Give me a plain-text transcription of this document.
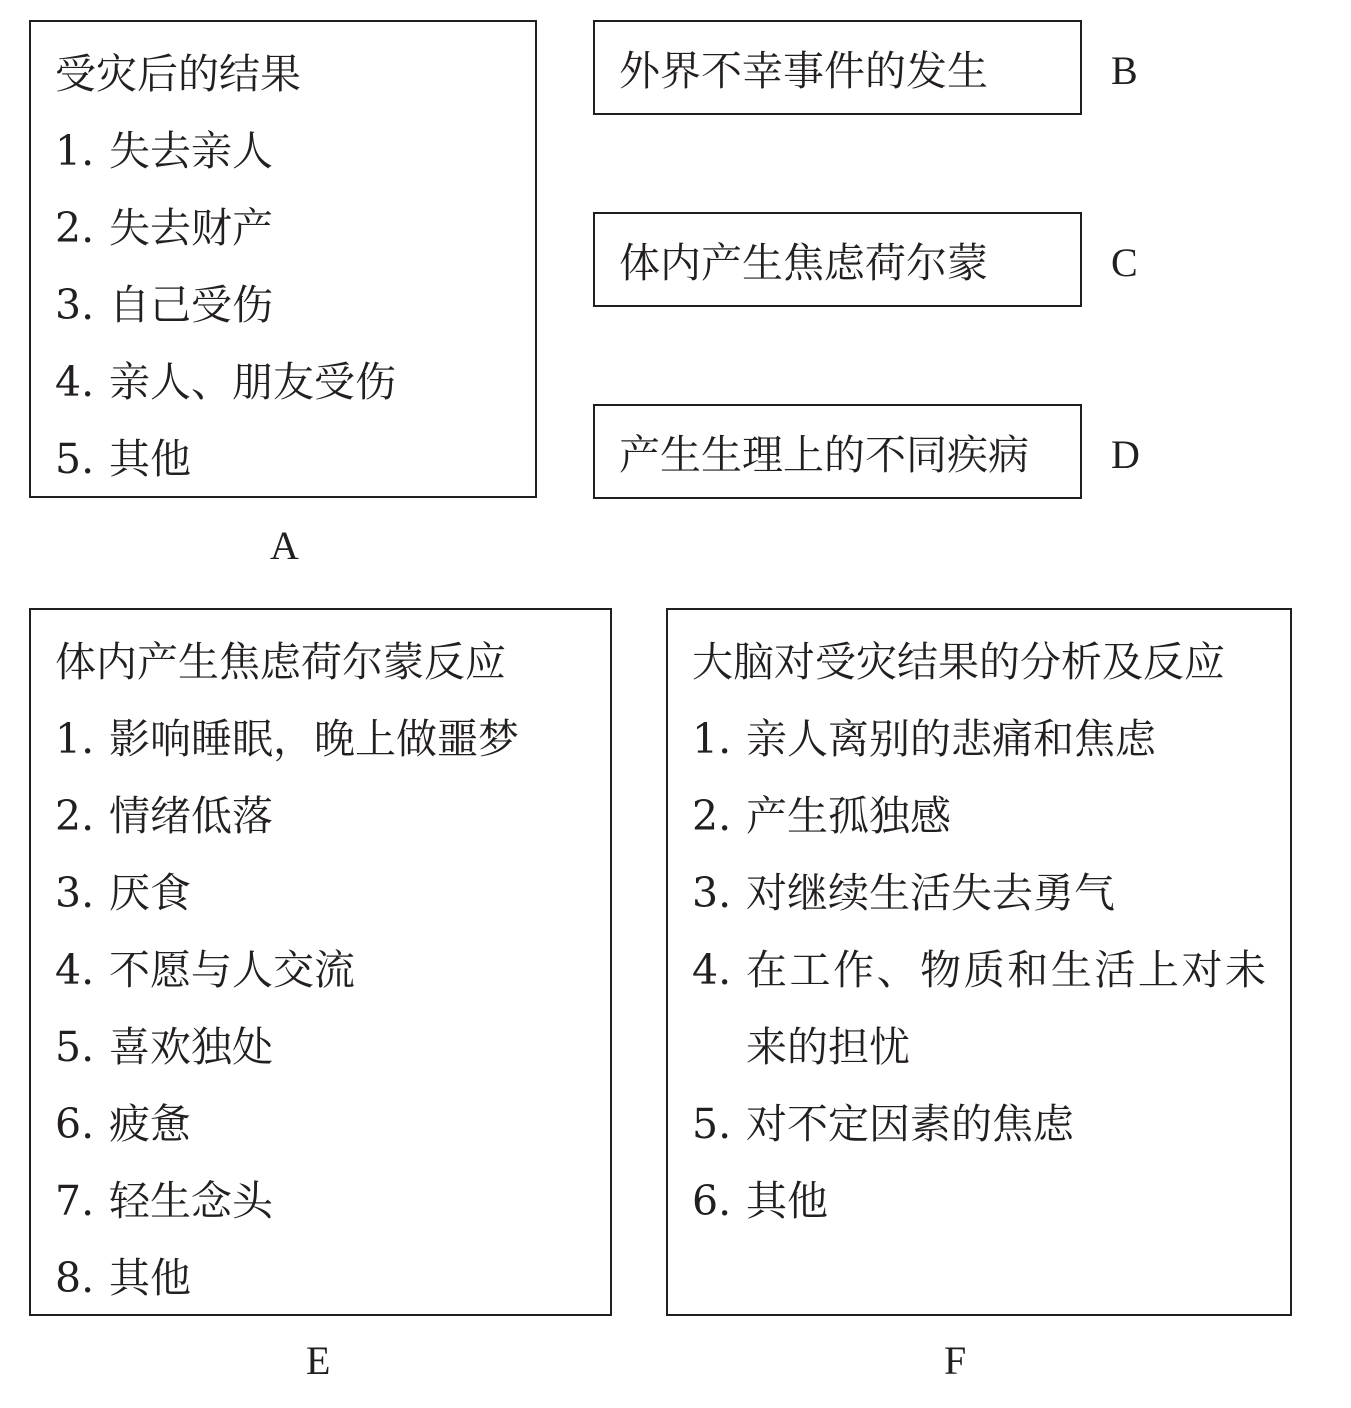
受灾后的结果
1 . 失去亲人
2 . 失去财产
3 . 自己受伤
4 . 亲人、朋友受伤
5 . 其他
A
外界不幸事件的发生	B
体内产生焦虑荷尔蒙	C
产生生理上的不同疾病 D
体内产生焦虑荷尔蒙反应
1 . 影响睡眠，晚上做噩梦
2 . 情绪低落
3 . 厌食
4 . 不愿与人交流
5 . 喜欢独处
6 . 疲惫
7 . 轻生念头
8 . 其他
E
大脑对受灾结果的分析及反应
1 . 亲人离别的悲痛和焦虑
2 . 产生孤独感
3 . 对继续生活失去勇气
4 . 在工作、物质和生活上对未来的担忧
5 . 对不定因素的焦虑
6 . 其他
F
